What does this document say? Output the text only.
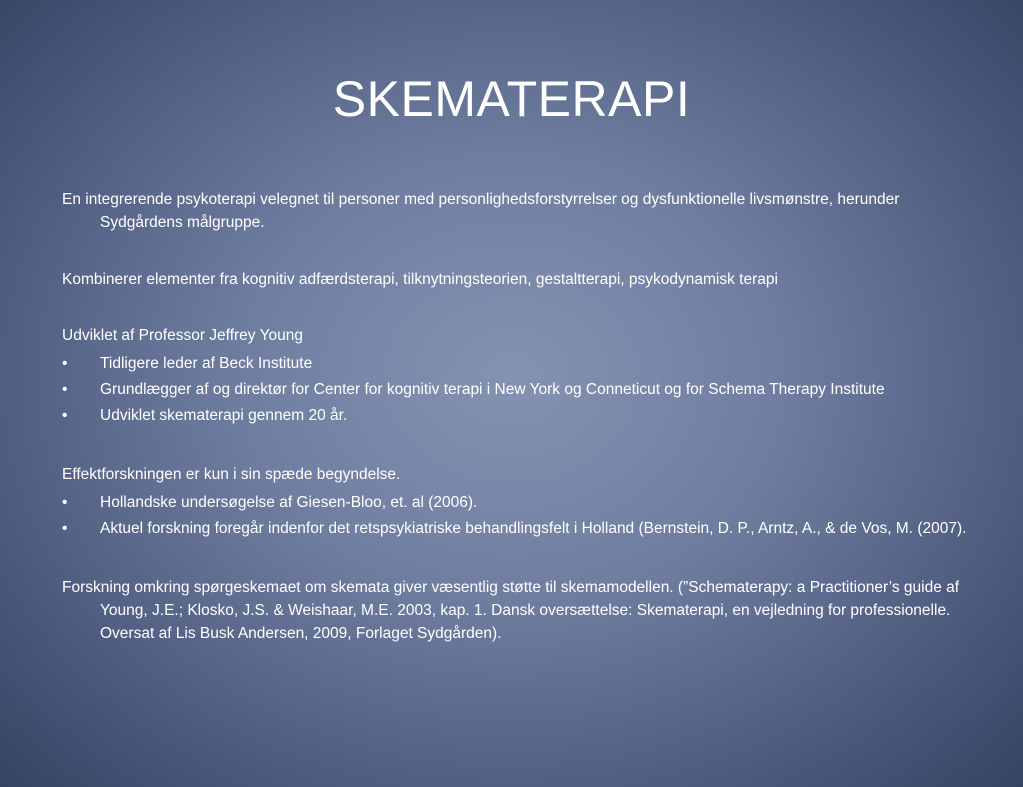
SKEMATERAPI

En integrerende psykoterapi velegnet til personer med personlighedsforstyrrelser og dysfunktionelle livsmønstre, herunder Sydgårdens målgruppe.

Kombinerer elementer fra kognitiv adfærdsterapi, tilknytningsteorien, gestaltterapi, psykodynamisk terapi

Udviklet af Professor Jeffrey Young

•	Tidligere leder af Beck Institute
•	Grundlægger af og direktør for Center for kognitiv terapi i New York og Conneticut og for Schema Therapy Institute
•	Udviklet skematerapi gennem 20 år.

Effektforskningen er kun i sin spæde begyndelse.

•	Hollandske undersøgelse af Giesen-Bloo, et. al (2006).
•	Aktuel forskning foregår indenfor det retspsykiatriske behandlingsfelt i Holland (Bernstein, D. P., Arntz, A., & de Vos, M. (2007).

Forskning omkring spørgeskemaet om skemata giver væsentlig støtte til skemamodellen. (”Schematerapy: a Practitioner’s guide af Young, J.E.; Klosko, J.S. & Weishaar, M.E. 2003, kap. 1. Dansk oversættelse: Skematerapi, en vejledning for professionelle. Oversat af Lis Busk Andersen, 2009, Forlaget Sydgården).
